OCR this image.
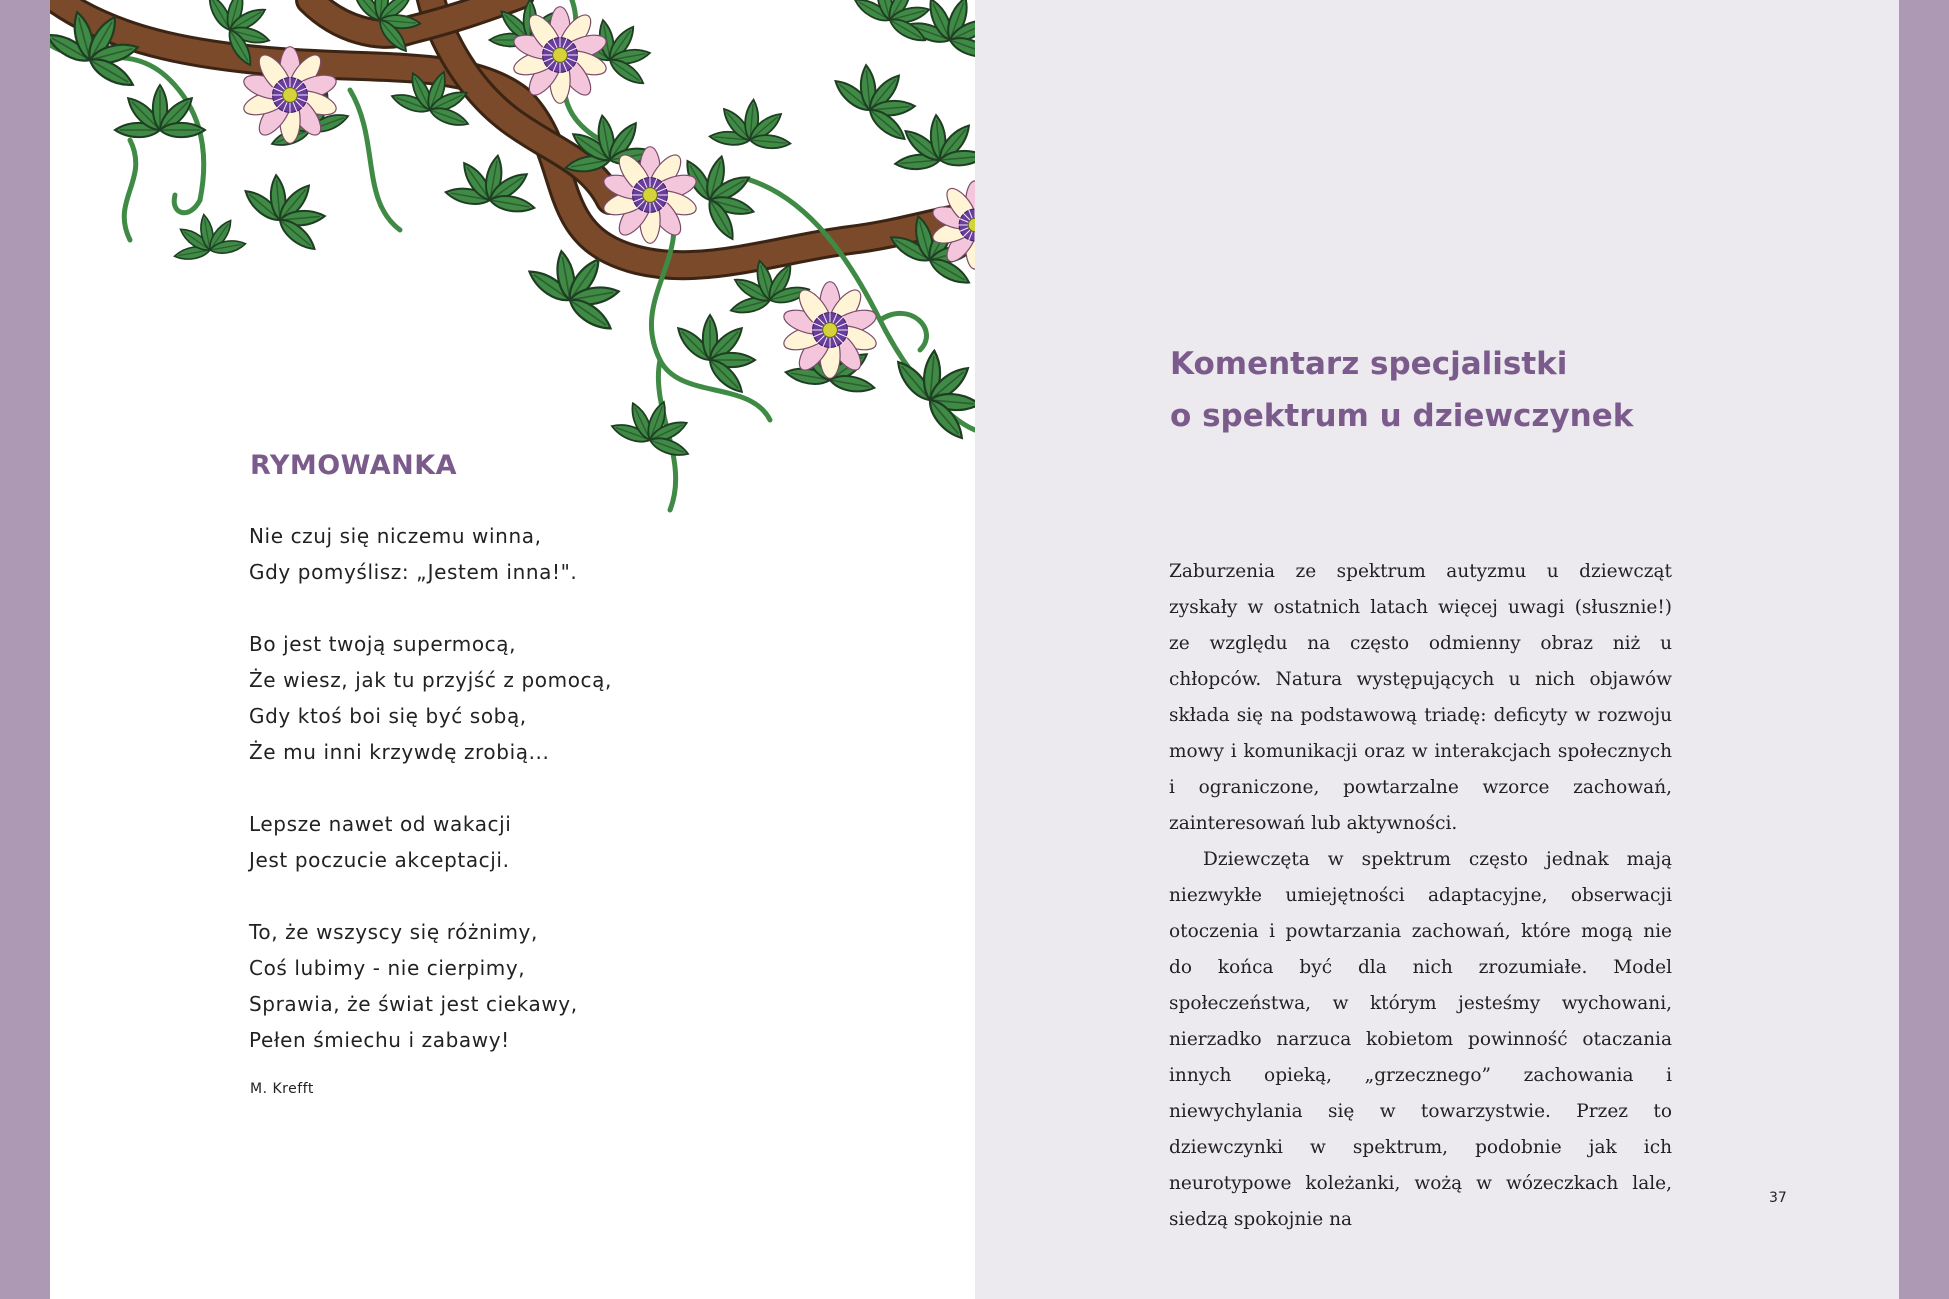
RYMOWANKA
Nie czuj się niczemu winna,
Gdy pomyślisz: „Jestem inna!".
Bo jest twoją supermocą,
Że wiesz, jak tu przyjść z pomocą,
Gdy ktoś boi się być sobą,
Że mu inni krzywdę zrobią...
Lepsze nawet od wakacji
Jest poczucie akceptacji.
To, że wszyscy się różnimy,
Coś lubimy - nie cierpimy,
Sprawia, że świat jest ciekawy,
Pełen śmiechu i zabawy!
M. Krefft
Komentarz specjalistki
o spektrum u dziewczynek

Zaburzenia ze spektrum autyzmu u dziewcząt zyskały w ostatnich latach więcej uwagi (słusznie!) ze względu na często odmienny obraz niż u chłopców. Natura występujących u nich objawów składa się na podstawową triadę: deficyty w rozwoju mowy i komunikacji oraz w interakcjach społecznych i ograniczone, powtarzalne wzorce zachowań, zainteresowań lub aktywności.

Dziewczęta w spektrum często jednak mają niezwykłe umiejętności adaptacyjne, obserwacji otoczenia i powtarzania zachowań, które mogą nie do końca być dla nich zrozumiałe. Model społeczeństwa, w którym jesteśmy wychowani, nierzadko narzuca kobietom powinność otaczania innych opieką, „grzecznego” zachowania i niewychylania się w towarzystwie. Przez to dziewczynki w spektrum, podobnie jak ich neurotypowe koleżanki, wożą w wózeczkach lale, siedzą spokojnie na

37
